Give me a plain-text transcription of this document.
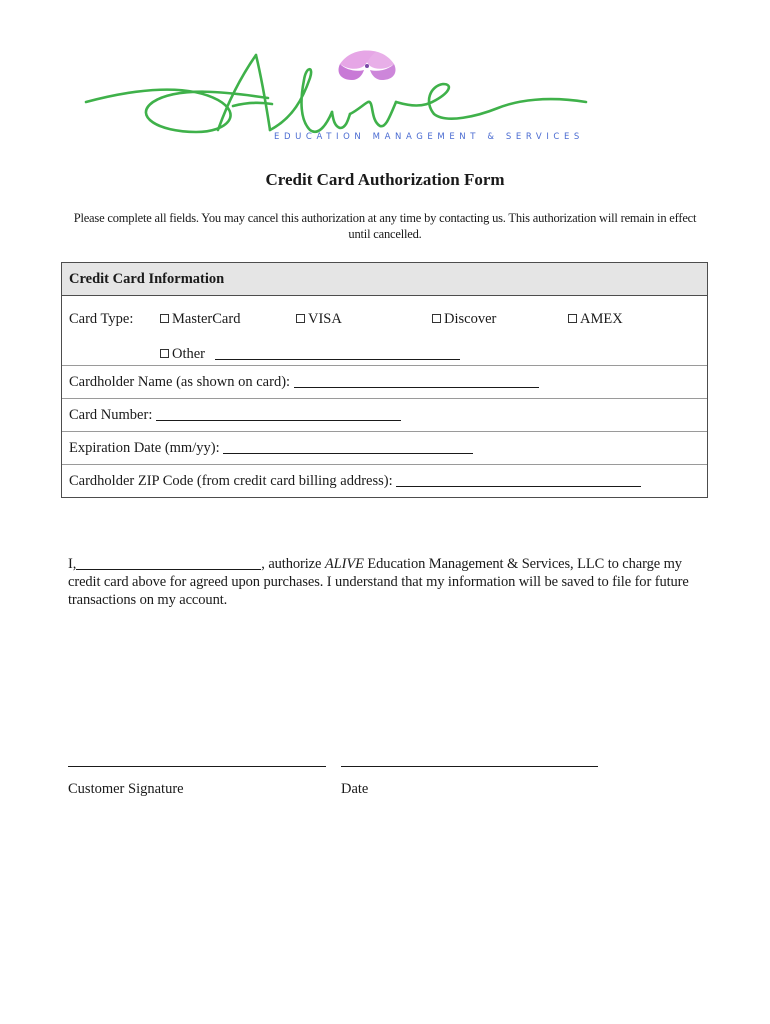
EDUCATION MANAGEMENT & SERVICES
Credit Card Authorization Form
Please complete all fields. You may cancel this authorization at any time by contacting us. This authorization will remain in effect until cancelled.
Credit Card Information
Card Type:	MasterCard	VISA	Discover	AMEX
Other
Cardholder Name (as shown on card):
Card Number:
Expiration Date (mm/yy):
Cardholder ZIP Code (from credit card billing address):
I,	, authorize ALIVE Education Management & Services, LLC to charge my credit card above for agreed upon purchases. I understand that my information will be saved to file for future transactions on my account.
Customer Signature	Date
